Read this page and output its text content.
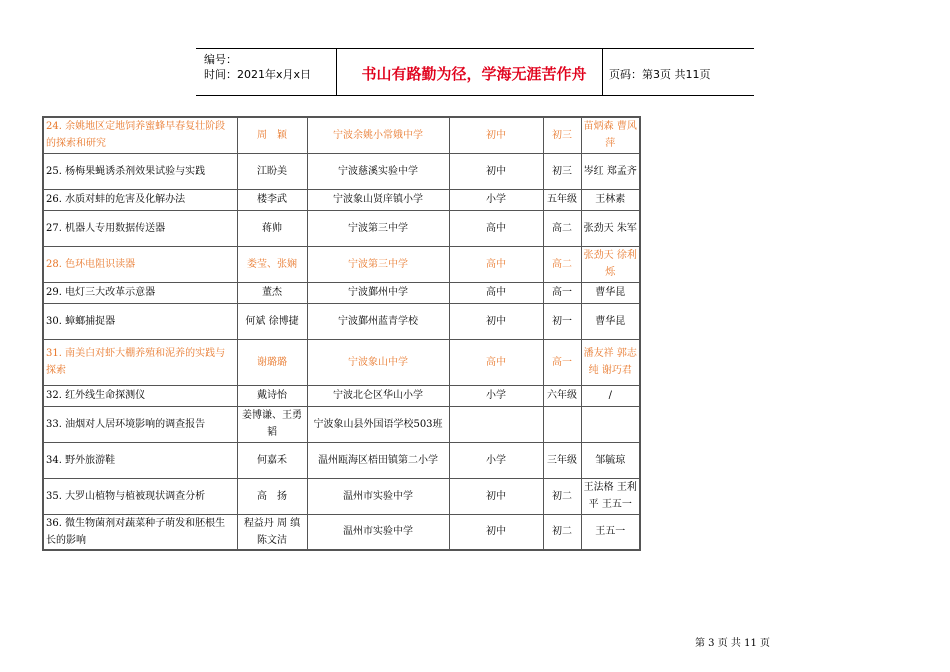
编号：
时间：2021年x月x日	书山有路勤为径，学海无涯苦作舟	页码：第3页 共11页
24. 余姚地区定地饲养蜜蜂早春复壮阶段的探索和研究	周　颖	宁波余姚小常娥中学	初中	初三	苗炳森 曹风萍
25. 杨梅果蝇诱杀剂效果试验与实践	江盼美	宁波慈溪实验中学	初中	初三	岑红 郑孟齐
26. 水质对蚌的危害及化解办法	楼李武	宁波象山贤庠镇小学	小学	五年级	王林素
27. 机器人专用数据传送器	蒋帅	宁波第三中学	高中	高二	张劲天 朱军
28. 色环电阻识读器	娄莹、张娴	宁波第三中学	高中	高二	张劲天 徐利烁
29. 电灯三大改革示意器	董杰	宁波鄞州中学	高中	高一	曹华昆
30. 蟑螂捕捉器	何斌 徐博捷	宁波鄞州蓝青学校	初中	初一	曹华昆
31. 南美白对虾大棚养殖和泥养的实践与探索	谢璐璐	宁波象山中学	高中	高一	潘友祥 郭志纯 谢巧君
32. 红外线生命探测仪	戴诗怡	宁波北仑区华山小学	小学	六年级	/
33. 油烟对人居环境影响的调查报告	姜博谦、王勇韬	宁波象山县外国语学校503班			
34. 野外旅游鞋	何嘉禾	温州瓯海区梧田镇第二小学	小学	三年级	邹毓琼
35. 大罗山植物与植被现状调查分析	高　扬	温州市实验中学	初中	初二	王法格 王利平 王五一
36. 微生物菌剂对蔬菜种子萌发和胚根生长的影响	程益丹 周 缜 陈文洁	温州市实验中学	初中	初二	王五一
第 3 页 共 11 页
